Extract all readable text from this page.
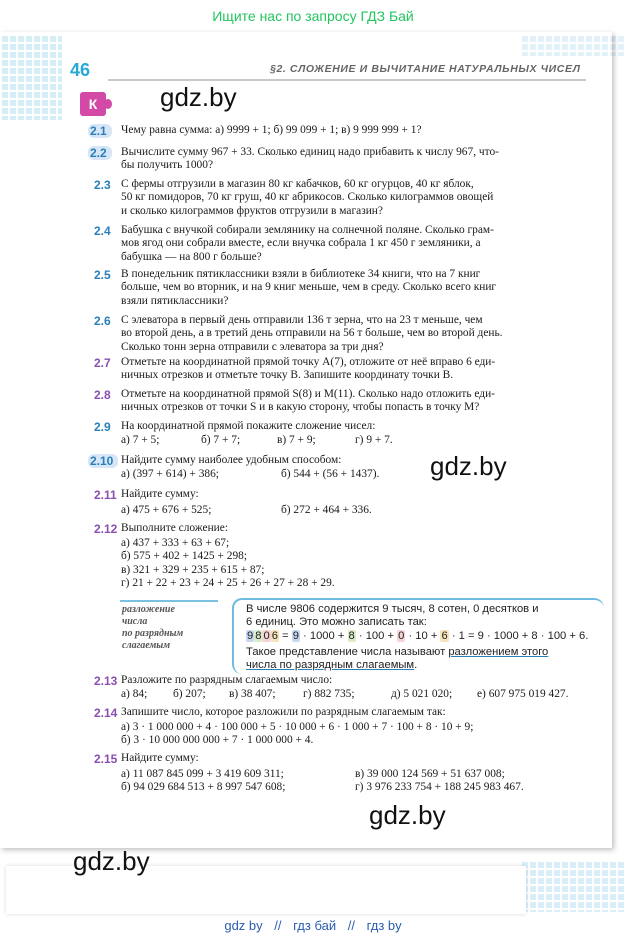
Ищите нас по запросу ГДЗ Бай
46	§2. СЛОЖЕНИЕ И ВЫЧИТАНИЕ НАТУРАЛЬНЫХ ЧИСЕЛ
К	gdz.by
2.1	Чему равна сумма: а) 9999 + 1; б) 99 099 + 1; в) 9 999 999 + 1?
2.2	Вычислите сумму 967 + 33. Сколько единиц надо прибавить к числу 967, что-
бы получить 1000?
2.3 С фермы отгрузили в магазин 80 кг кабачков, 60 кг огурцов, 40 кг яблок,
50 кг помидоров, 70 кг груш, 40 кг абрикосов. Сколько килограммов овощей
и сколько килограммов фруктов отгрузили в магазин?
2.4 Бабушка с внучкой собирали землянику на солнечной поляне. Сколько грам-
мов ягод они собрали вместе, если внучка собрала 1 кг 450 г земляники, а
бабушка — на 800 г больше?
2.5 В понедельник пятиклассники взяли в библиотеке 34 книги, что на 7 книг
больше, чем во вторник, и на 9 книг меньше, чем в среду. Сколько всего книг
взяли пятиклассники?
2.6 С элеватора в первый день отправили 136 т зерна, что на 23 т меньше, чем
во второй день, а в третий день отправили на 56 т больше, чем во второй день.
Сколько тонн зерна отправили с элеватора за три дня?
2.7 Отметьте на координатной прямой точку A(7), отложите от неё вправо 6 еди-
ничных отрезков и отметьте точку B. Запишите координату точки B.
2.8 Отметьте на координатной прямой S(8) и M(11). Сколько надо отложить еди-
ничных отрезков от точки S и в какую сторону, чтобы попасть в точку M?
2.9 На координатной прямой покажите сложение чисел:
а) 7 + 5;	б) 7 + 7;	в) 7 + 9;	г) 9 + 7.
2.10 Найдите сумму наиболее удобным способом:
а) (397 + 614) + 386;	б) 544 + (56 + 1437). gdz.by
2.11 Найдите сумму:
а) 475 + 676 + 525;	б) 272 + 464 + 336.
2.12 Выполните сложение:
а) 437 + 333 + 63 + 67;
б) 575 + 402 + 1425 + 298;
в) 321 + 329 + 235 + 615 + 87;
г) 21 + 22 + 23 + 24 + 25 + 26 + 27 + 28 + 29.
разложение
числа
по разрядным
слагаемым
В числе 9806 содержится 9 тысяч, 8 сотен, 0 десятков и
6 единиц. Это можно записать так:
9 8 0 6 = 9 · 1000 + 8 · 100 + 0 · 10 + 6 · 1 = 9 · 1000 + 8 · 100 + 6.
Такое представление числа называют разложением этого
числа по разрядным слагаемым.
2.13 Разложите по разрядным слагаемым число:
а) 84; б) 207; в) 38 407; г) 882 735;	д) 5 021 020; е) 607 975 019 427.
2.14 Запишите число, которое разложили по разрядным слагаемым так:
а) 3 · 1 000 000 + 4 · 100 000 + 5 · 10 000 + 6 · 1 000 + 7 · 100 + 8 · 10 + 9;
б) 3 · 10 000 000 000 + 7 · 1 000 000 + 4.
2.15 Найдите сумму:
а) 11 087 845 099 + 3 419 609 311;	в) 39 000 124 569 + 51 637 008;
б) 94 029 684 513 + 8 997 547 608;	г) 3 976 233 754 + 188 245 983 467.
gdz.by
gdz.by
gdz by // гдз бай // гдз by
